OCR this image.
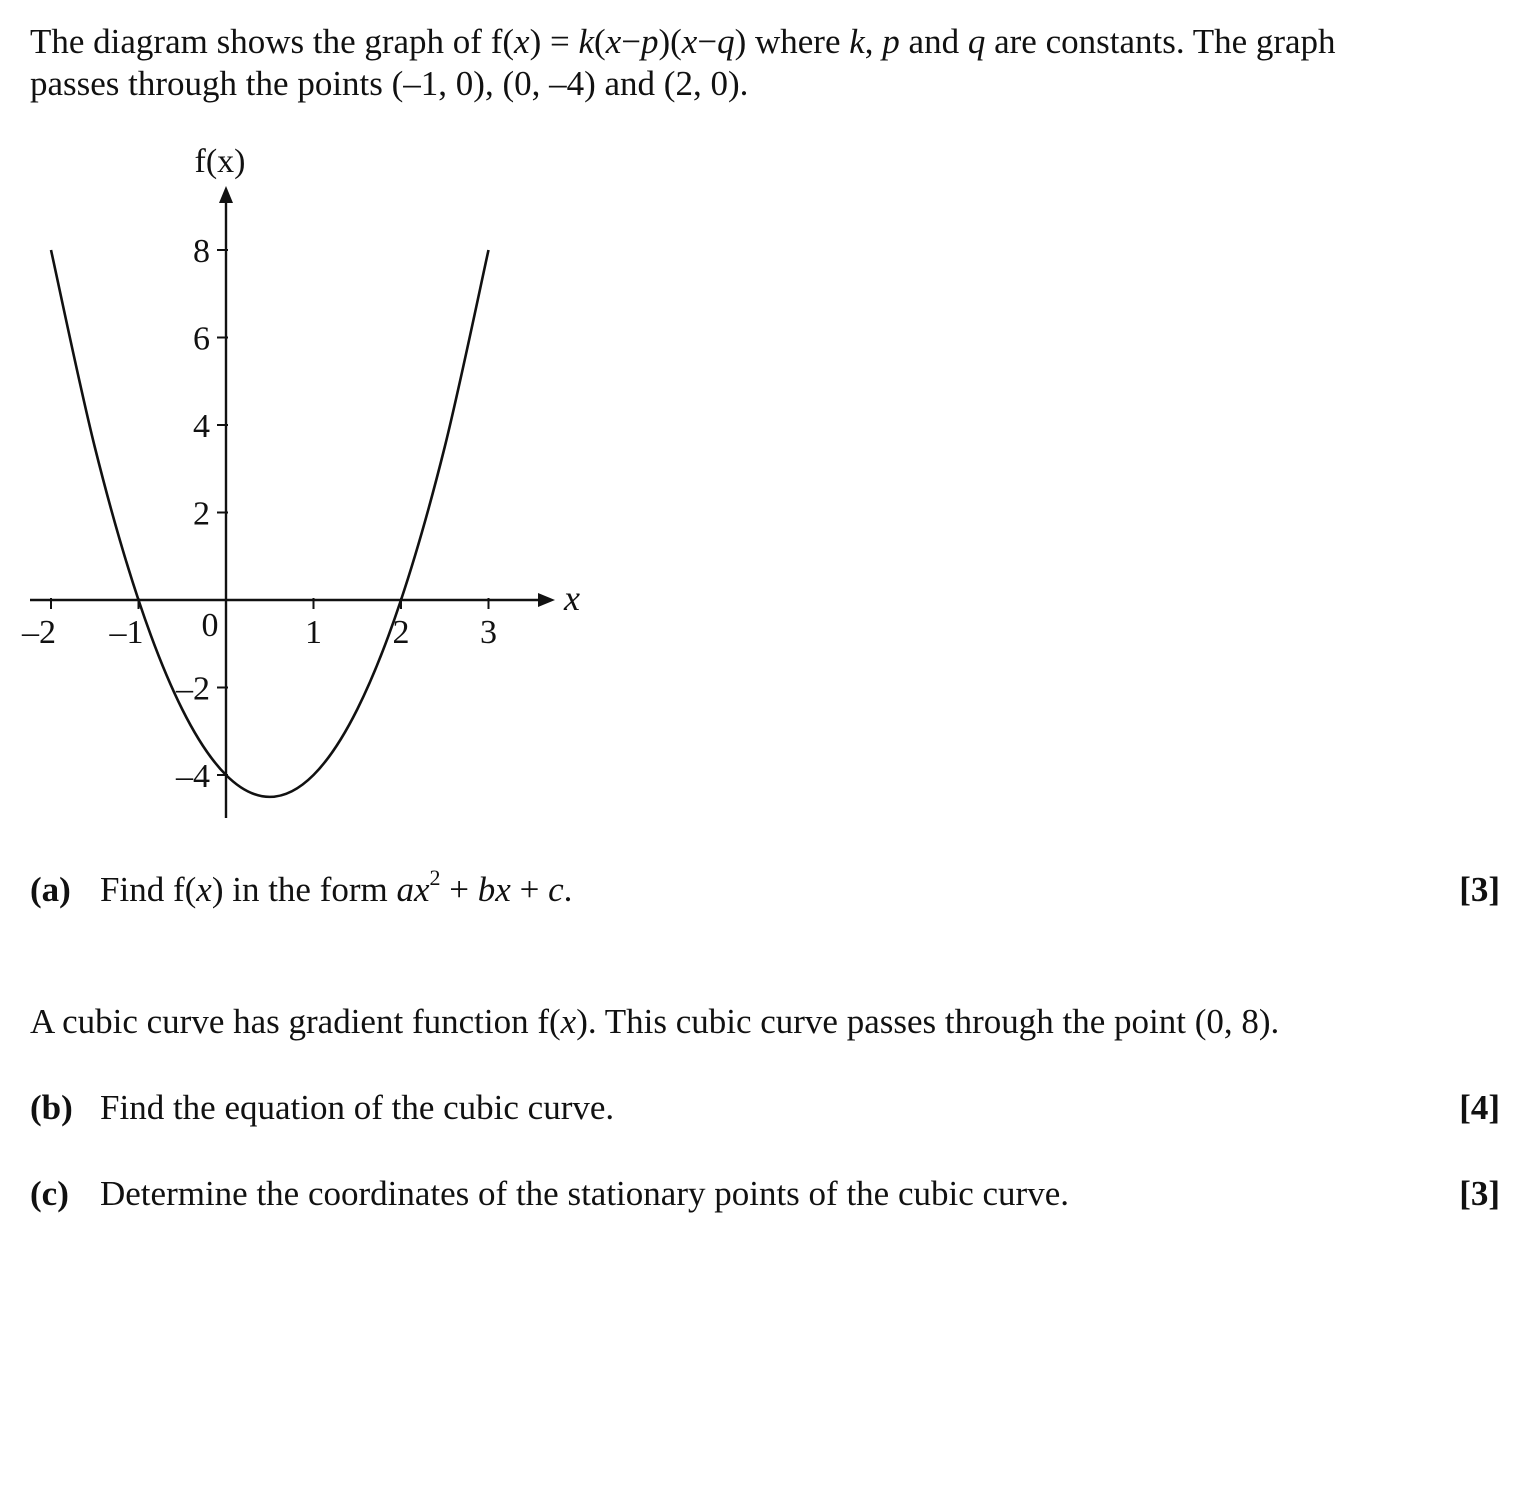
The diagram shows the graph of f(x) = k(x−p)(x−q) where k, p and q are constants. The graph
passes through the points (–1, 0), (0, –4) and (2, 0).
–2 –1	1 2 3
8
6
4
2
–2
–4
f(x)
x
0
(a) Find f(x) in the form $ax^2$ + bx + c.	[3]
A cubic curve has gradient function f(x). This cubic curve passes through the point (0, 8).
(b) Find the equation of the cubic curve.	[4]
(c) Determine the coordinates of the stationary points of the cubic curve.	[3]
